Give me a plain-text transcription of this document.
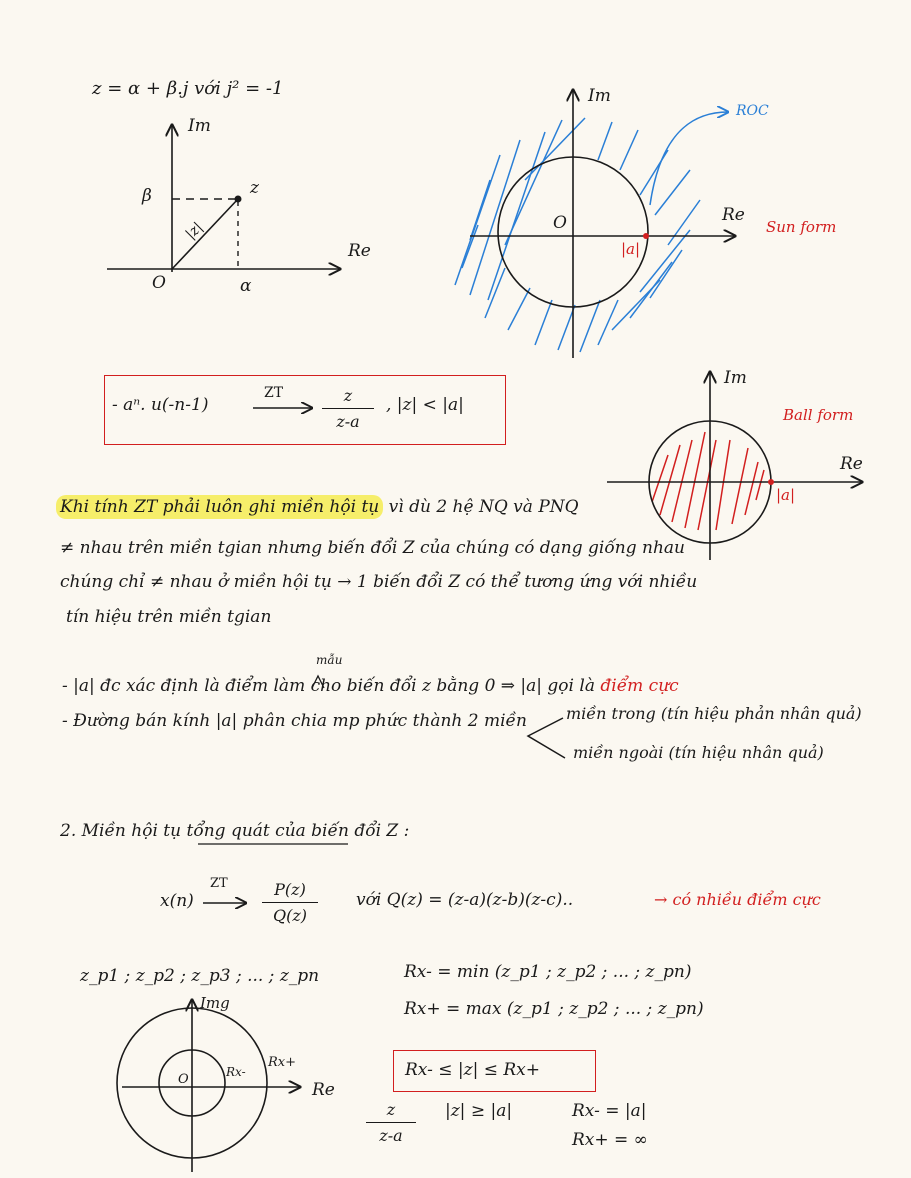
z = α + β.j với j² = -1
Im
Re
β	z
|z|
O	α
Im
Re
ROC
O
|a|
Sun form
Im
Re
|a|
Ball form
- aⁿ. u(-n-1)
ZT $\frac{z}{z-a}$ , |z| < |a|
Khi tính ZT phải luôn ghi miền hội tụ vì dù 2 hệ NQ và PNQ
≠ nhau trên miền tgian nhưng biến đổi Z của chúng có dạng giống nhau
chúng chỉ ≠ nhau ở miền hội tụ → 1 biến đổi Z có thể tương ứng với nhiều
tín hiệu trên miền tgian
mẫu
- |a| đc xác định là điểm làm cho biến đổi z bằng 0 ⇒ |a| gọi là điểm cực
- Đường bán kính |a| phân chia mp phức thành 2 miền miền trong (tín hiệu phản nhân quả)
miền ngoài (tín hiệu nhân quả)
2. Miền hội tụ tổng quát của biến đổi Z :
x(n)
ZT $\frac{P(z)}{Q(z)}$ với Q(z) = (z-a)(z-b)(z-c)..	→ có nhiều điểm cực
z_p1 ; z_p2 ; z_p3 ; ... ; z_pn	Rx- = min (z_p1 ; z_p2 ; ... ; z_pn)
Rx+ = max (z_p1 ; z_p2 ; ... ; z_pn)
Img
Re
O	Rx-
Rx+	Rx- ≤ |z| ≤ Rx+
$\frac{z}{z-a} |z| \ge |a|$	Rx- = |a|
Rx+ = ∞
